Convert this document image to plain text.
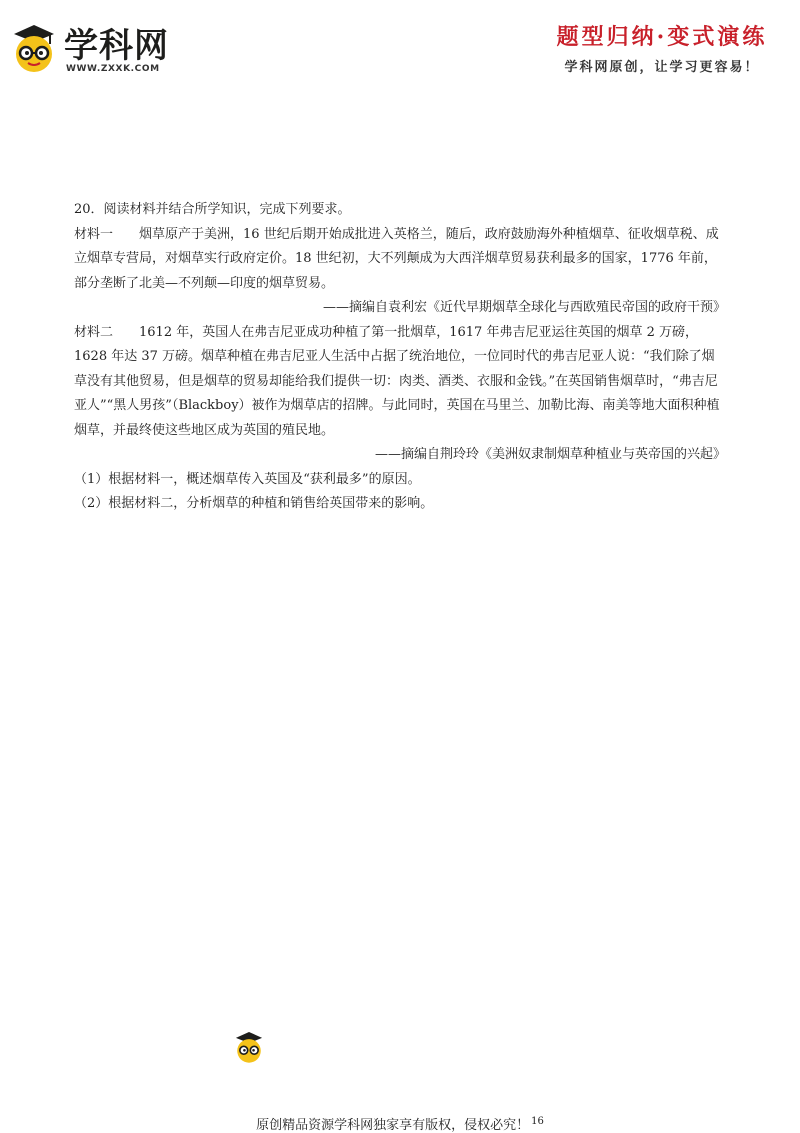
学科网
WWW.ZXXK.COM
题型归纳·变式演练
学科网原创，让学习更容易！

20．阅读材料并结合所学知识，完成下列要求。

材料一 烟草原产于美洲，16 世纪后期开始成批进入英格兰，随后，政府鼓励海外种植烟草、征收烟草税、成立烟草专营局，对烟草实行政府定价。18 世纪初，大不列颠成为大西洋烟草贸易获利最多的国家，1776 年前，部分垄断了北美—不列颠—印度的烟草贸易。

——摘编自袁利宏《近代早期烟草全球化与西欧殖民帝国的政府干预》

材料二 1612 年，英国人在弗吉尼亚成功种植了第一批烟草，1617 年弗吉尼亚运往英国的烟草 2 万磅，1628 年达 37 万磅。烟草种植在弗吉尼亚人生活中占据了统治地位，一位同时代的弗吉尼亚人说：“我们除了烟草没有其他贸易，但是烟草的贸易却能给我们提供一切：肉类、酒类、衣服和金钱。”在英国销售烟草时，“弗吉尼亚人”“黑人男孩”（Blackboy）被作为烟草店的招牌。与此同时，英国在马里兰、加勒比海、南美等地大面积种植烟草，并最终使这些地区成为英国的殖民地。

——摘编自荆玲玲《美洲奴隶制烟草种植业与英帝国的兴起》

（1）根据材料一，概述烟草传入英国及“获利最多”的原因。

（2）根据材料二，分析烟草的种植和销售给英国带来的影响。

原创精品资源学科网独家享有版权，侵权必究！ $^{16}$
